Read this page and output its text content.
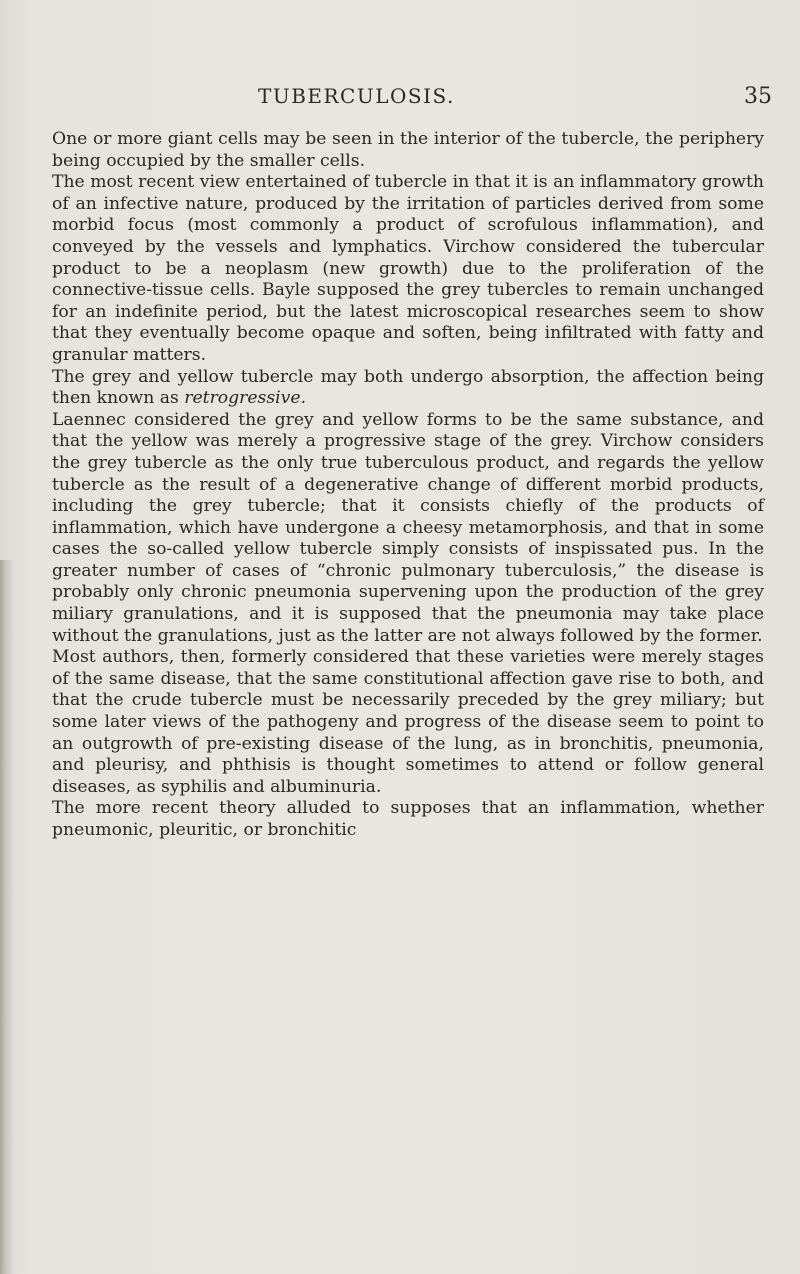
TUBERCULOSIS.	35

One or more giant cells may be seen in the interior of the tubercle, the periphery being occupied by the smaller cells.

The most recent view entertained of tubercle in that it is an inflammatory growth of an infective nature, produced by the irritation of particles derived from some morbid focus (most commonly a product of scrofulous inflammation), and conveyed by the vessels and lymphatics. Virchow considered the tubercular product to be a neoplasm (new growth) due to the proliferation of the connective-tissue cells. Bayle supposed the grey tubercles to remain unchanged for an indefinite period, but the latest microscopical researches seem to show that they eventually become opaque and soften, being infiltrated with fatty and granular matters.

The grey and yellow tubercle may both undergo absorption, the affection being then known as retrogressive.

Laennec considered the grey and yellow forms to be the same substance, and that the yellow was merely a progressive stage of the grey. Virchow considers the grey tubercle as the only true tuberculous product, and regards the yellow tubercle as the result of a degenerative change of different morbid products, including the grey tubercle; that it consists chiefly of the products of inflammation, which have undergone a cheesy metamorphosis, and that in some cases the so-called yellow tubercle simply consists of inspissated pus. In the greater number of cases of “chronic pulmonary tuberculosis,” the disease is probably only chronic pneumonia supervening upon the production of the grey miliary granulations, and it is supposed that the pneumonia may take place without the granulations, just as the latter are not always followed by the former.

Most authors, then, formerly considered that these varieties were merely stages of the same disease, that the same constitutional affection gave rise to both, and that the crude tubercle must be necessarily preceded by the grey miliary; but some later views of the pathogeny and progress of the disease seem to point to an outgrowth of pre-existing disease of the lung, as in bronchitis, pneumonia, and pleurisy, and phthisis is thought sometimes to attend or follow general diseases, as syphilis and albuminuria.

The more recent theory alluded to supposes that an inflammation, whether pneumonic, pleuritic, or bronchitic
